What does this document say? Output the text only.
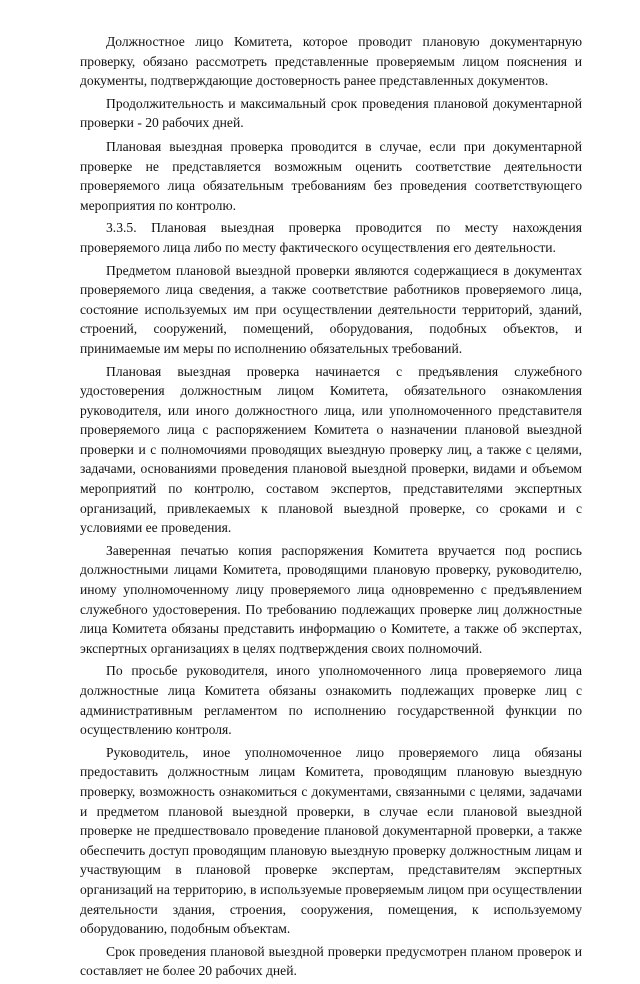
Должностное лицо Комитета, которое проводит плановую документарную проверку, обязано рассмотреть представленные проверяемым лицом пояснения и документы, подтверждающие достоверность ранее представленных документов.

Продолжительность и максимальный срок проведения плановой документарной проверки - 20 рабочих дней.

Плановая выездная проверка проводится в случае, если при документарной проверке не представляется возможным оценить соответствие деятельности проверяемого лица обязательным требованиям без проведения соответствующего мероприятия по контролю.

3.3.5. Плановая выездная проверка проводится по месту нахождения проверяемого лица либо по месту фактического осуществления его деятельности.

Предметом плановой выездной проверки являются содержащиеся в документах проверяемого лица сведения, а также соответствие работников проверяемого лица, состояние используемых им при осуществлении деятельности территорий, зданий, строений, сооружений, помещений, оборудования, подобных объектов, и принимаемые им меры по исполнению обязательных требований.

Плановая выездная проверка начинается с предъявления служебного удостоверения должностным лицом Комитета, обязательного ознакомления руководителя, или иного должностного лица, или уполномоченного представителя проверяемого лица с распоряжением Комитета о назначении плановой выездной проверки и с полномочиями проводящих выездную проверку лиц, а также с целями, задачами, основаниями проведения плановой выездной проверки, видами и объемом мероприятий по контролю, составом экспертов, представителями экспертных организаций, привлекаемых к плановой выездной проверке, со сроками и с условиями ее проведения.

Заверенная печатью копия распоряжения Комитета вручается под роспись должностными лицами Комитета, проводящими плановую проверку, руководителю, иному уполномоченному лицу проверяемого лица одновременно с предъявлением служебного удостоверения. По требованию подлежащих проверке лиц должностные лица Комитета обязаны представить информацию о Комитете, а также об экспертах, экспертных организациях в целях подтверждения своих полномочий.

По просьбе руководителя, иного уполномоченного лица проверяемого лица должностные лица Комитета обязаны ознакомить подлежащих проверке лиц с административным регламентом по исполнению государственной функции по осуществлению контроля.

Руководитель, иное уполномоченное лицо проверяемого лица обязаны предоставить должностным лицам Комитета, проводящим плановую выездную проверку, возможность ознакомиться с документами, связанными с целями, задачами и предметом плановой выездной проверки, в случае если плановой выездной проверке не предшествовало проведение плановой документарной проверки, а также обеспечить доступ проводящим плановую выездную проверку должностным лицам и участвующим в плановой проверке экспертам, представителям экспертных организаций на территорию, в используемые проверяемым лицом при осуществлении деятельности здания, строения, сооружения, помещения, к используемому оборудованию, подобным объектам.

Срок проведения плановой выездной проверки предусмотрен планом проверок и составляет не более 20 рабочих дней.
